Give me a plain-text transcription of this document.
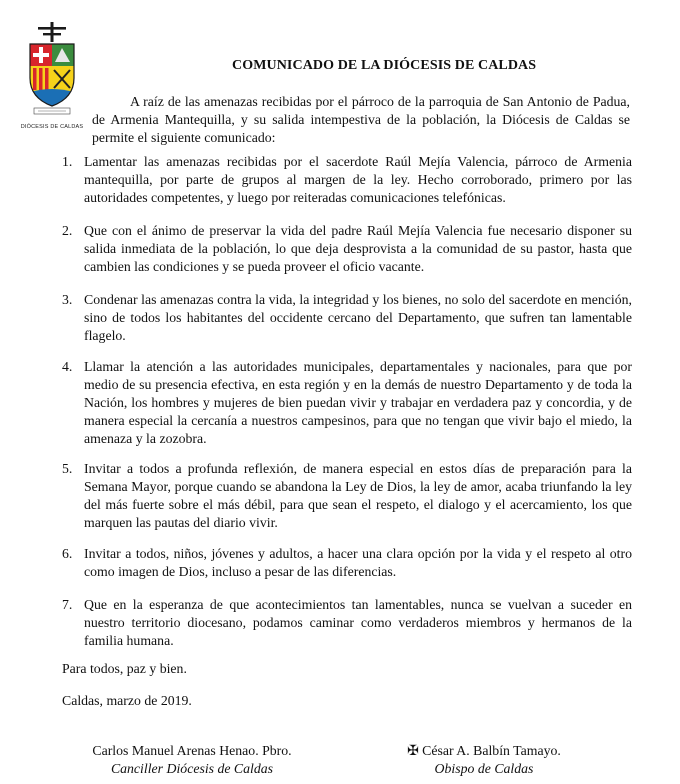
DIÓCESIS DE CALDAS
COMUNICADO DE LA DIÓCESIS DE CALDAS

A raíz de las amenazas recibidas por el párroco de la parroquia de San Antonio de Padua, de Armenia Mantequilla, y su salida intempestiva de la población, la Diócesis de Caldas se permite el siguiente comunicado:

1. Lamentar las amenazas recibidas por el sacerdote Raúl Mejía Valencia, párroco de Armenia mantequilla, por parte de grupos al margen de la ley. Hecho corroborado, primero por las autoridades competentes, y luego por reiteradas comunicaciones telefónicas.

2. Que con el ánimo de preservar la vida del padre Raúl Mejía Valencia fue necesario disponer su salida inmediata de la población, lo que deja desprovista a la comunidad de su pastor, hasta que cambien las condiciones y se pueda proveer el oficio vacante.

3. Condenar las amenazas contra la vida, la integridad y los bienes, no solo del sacerdote en mención, sino de todos los habitantes del occidente cercano del Departamento, que sufren tan lamentable flagelo.

4. Llamar la atención a las autoridades municipales, departamentales y nacionales, para que por medio de su presencia efectiva, en esta región y en la demás de nuestro Departamento y de toda la Nación, los hombres y mujeres de bien puedan vivir y trabajar en verdadera paz y concordia, y de manera especial la cercanía a nuestros campesinos, para que no tengan que vivir bajo el miedo, la amenaza y la zozobra.

5. Invitar a todos a profunda reflexión, de manera especial en estos días de preparación para la Semana Mayor, porque cuando se abandona la Ley de Dios, la ley de amor, acaba triunfando la ley del más fuerte sobre el más débil, para que sean el respeto, el dialogo y el acercamiento, los que marquen las pautas del diario vivir.

6. Invitar a todos, niños, jóvenes y adultos, a hacer una clara opción por la vida y el respeto al otro como imagen de Dios, incluso a pesar de las diferencias.

7. Que en la esperanza de que acontecimientos tan lamentables, nunca se vuelvan a suceder en nuestro territorio diocesano, podamos caminar como verdaderos miembros y hermanos de la familia humana.

Para todos, paz y bien.

Caldas, marzo de 2019.

Carlos Manuel Arenas Henao. Pbro.
Canciller Diócesis de Caldas
✠ César A. Balbín Tamayo.
Obispo de Caldas
